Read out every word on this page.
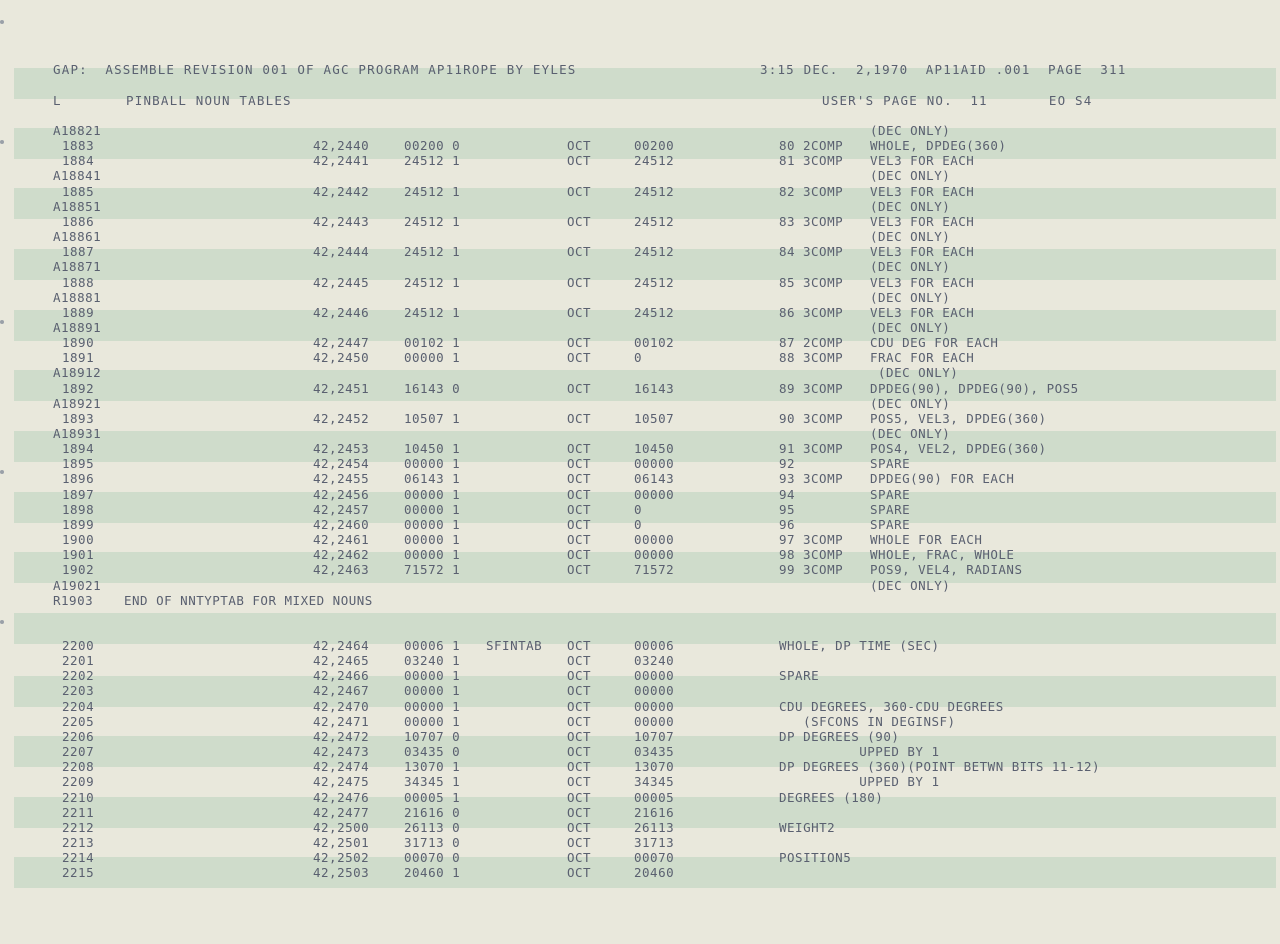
GAP:  ASSEMBLE REVISION 001 OF AGC PROGRAM AP11ROPE BY EYLES	3:15 DEC.  2,1970  AP11AID .001  PAGE  311
L	PINBALL NOUN TABLES	USER'S PAGE NO.  11       EO S4
A18821	(DEC ONLY)
1883	42,2440	00200 0	OCT	00200	80 2COMP WHOLE, DPDEG(360)
1884	42,2441	24512 1	OCT	24512	81 3COMP VEL3 FOR EACH
A18841	(DEC ONLY)
1885	42,2442	24512 1	OCT	24512	82 3COMP VEL3 FOR EACH
A18851	(DEC ONLY)
1886	42,2443	24512 1	OCT	24512	83 3COMP VEL3 FOR EACH
A18861	(DEC ONLY)
1887	42,2444	24512 1	OCT	24512	84 3COMP VEL3 FOR EACH
A18871	(DEC ONLY)
1888	42,2445	24512 1	OCT	24512	85 3COMP VEL3 FOR EACH
A18881	(DEC ONLY)
1889	42,2446	24512 1	OCT	24512	86 3COMP VEL3 FOR EACH
A18891	(DEC ONLY)
1890	42,2447	00102 1	OCT	00102	87 2COMP CDU DEG FOR EACH
1891	42,2450	00000 1	OCT	0	88 3COMP FRAC FOR EACH
A18912	(DEC ONLY)
1892	42,2451	16143 0	OCT	16143	89 3COMP DPDEG(90), DPDEG(90), POS5
A18921	(DEC ONLY)
1893	42,2452	10507 1	OCT	10507	90 3COMP POS5, VEL3, DPDEG(360)
A18931	(DEC ONLY)
1894	42,2453	10450 1	OCT	10450	91 3COMP POS4, VEL2, DPDEG(360)
1895	42,2454	00000 1	OCT	00000	92	SPARE
1896	42,2455	06143 1	OCT	06143	93 3COMP DPDEG(90) FOR EACH
1897	42,2456	00000 1	OCT	00000	94	SPARE
1898	42,2457	00000 1	OCT	0	95	SPARE
1899	42,2460	00000 1	OCT	0	96	SPARE
1900	42,2461	00000 1	OCT	00000	97 3COMP WHOLE FOR EACH
1901	42,2462	00000 1	OCT	00000	98 3COMP WHOLE, FRAC, WHOLE
1902	42,2463	71572 1	OCT	71572	99 3COMP POS9, VEL4, RADIANS
A19021	(DEC ONLY)
R1903 END OF NNTYPTAB FOR MIXED NOUNS
2200	42,2464	00006 1 SFINTAB OCT	00006	WHOLE, DP TIME (SEC)
2201	42,2465	03240 1	OCT	03240
2202	42,2466	00000 1	OCT	00000	SPARE
2203	42,2467	00000 1	OCT	00000
2204	42,2470	00000 1	OCT	00000	CDU DEGREES, 360-CDU DEGREES
2205	42,2471	00000 1	OCT	00000	(SFCONS IN DEGINSF)
2206	42,2472	10707 0	OCT	10707	DP DEGREES (90)
2207	42,2473	03435 0	OCT	03435	UPPED BY 1
2208	42,2474	13070 1	OCT	13070	DP DEGREES (360)(POINT BETWN BITS 11-12)
2209	42,2475	34345 1	OCT	34345	UPPED BY 1
2210	42,2476	00005 1	OCT	00005	DEGREES (180)
2211	42,2477	21616 0	OCT	21616
2212	42,2500	26113 0	OCT	26113	WEIGHT2
2213	42,2501	31713 0	OCT	31713
2214	42,2502	00070 0	OCT	00070	POSITION5
2215	42,2503	20460 1	OCT	20460
